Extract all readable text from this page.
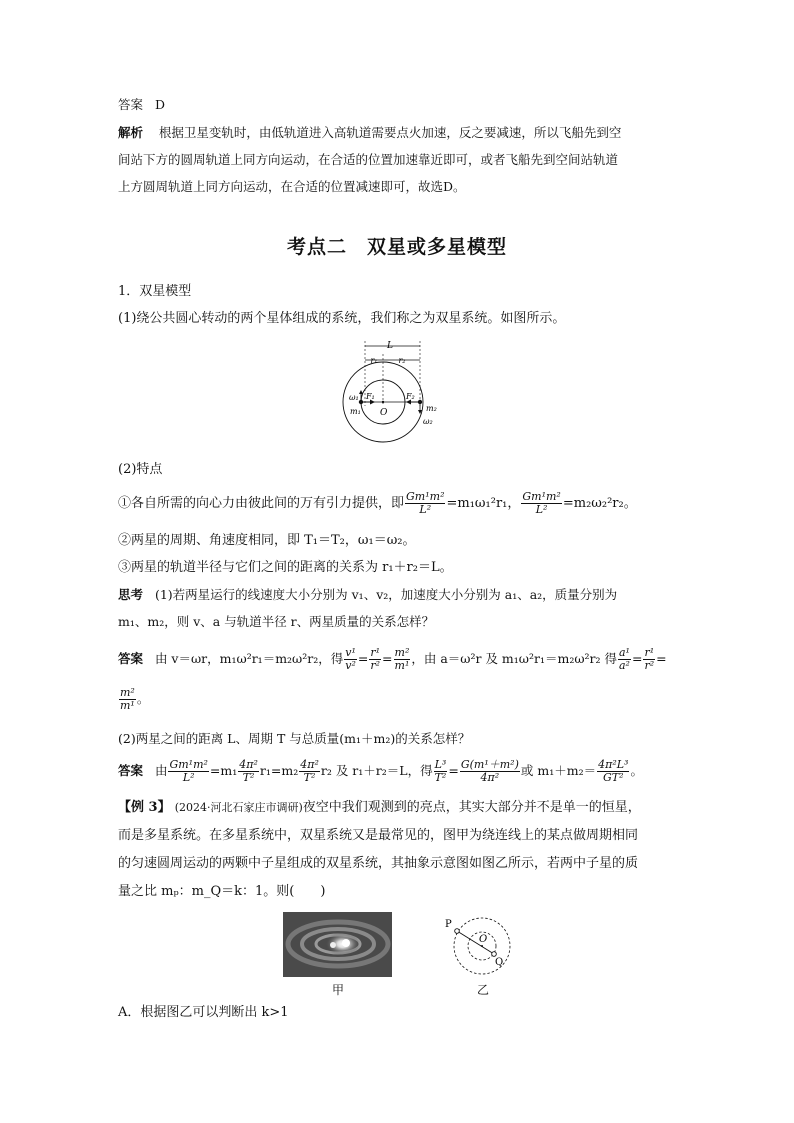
答案 D
解析 根据卫星变轨时，由低轨道进入高轨道需要点火加速，反之要减速，所以飞船先到空
间站下方的圆周轨道上同方向运动，在合适的位置加速靠近即可，或者飞船先到空间站轨道
上方圆周轨道上同方向运动，在合适的位置减速即可，故选D。
考点二　双星或多星模型
1．双星模型
(1)绕公共圆心转动的两个星体组成的系统，我们称之为双星系统。如图所示。
L
r₁	r₂
ω₁ F₁	F₂
O
m₁	m₂
ω₂
(2)特点
①各自所需的向心力由彼此间的万有引力提供，即 $\frac{\text{Gm¹m²}}{\text{L²}} =m_1\omega_1^2r_1$， $\frac{\text{Gm¹m²}}{\text{L²}} =m_2\omega_2^2r_2$。
②两星的周期、角速度相同，即 T₁＝T₂，ω₁＝ω₂。
③两星的轨道半径与它们之间的距离的关系为 r₁＋r₂＝L。
思考 (1)若两星运行的线速度大小分别为 v₁、v₂，加速度大小分别为 a₁、a₂，质量分别为
m₁、m₂，则 v、a 与轨道半径 r、两星质量的关系怎样？
答案 由 v＝ωr，m₁ω²r₁＝m₂ω²r₂，得 $\frac{\text{v¹}}{\text{v²}} = \frac{\text{r¹}}{\text{r²}} = \frac{\text{m²}}{\text{m¹}}$ ，由 a＝ω²r 及 m₁ω²r₁＝m₂ω²r₂ 得 $\frac{\text{a¹}}{\text{a²}} = \frac{\text{r¹}}{\text{r²}}$ =
$\frac{\text{m²}}{\text{m¹}}$ 。
(2)两星之间的距离 L、周期 T 与总质量(m₁＋m₂)的关系怎样？
答案 由 $\frac{\text{Gm¹m²}}{\text{L²}} =m_1 \frac{\text{4π²}}{\text{T²}} r_1=m_2 \frac{\text{4π²}}{\text{T²}} r_2$ 及 r₁＋r₂＝L，得 $\frac{\text{L³}}{\text{T²}} = \frac{\text{G(m¹＋m²)}}{\text{4π²}}$ 或 $m_1+m_2= \frac{\text{4π²L³}}{\text{GT²}}$ 。
【例 3】 (2024·河北石家庄市调研)夜空中我们观测到的亮点，其实大部分并不是单一的恒星，
而是多星系统。在多星系统中，双星系统又是最常见的，图甲为绕连线上的某点做周期相同
的匀速圆周运动的两颗中子星组成的双星系统，其抽象示意图如图乙所示，若两中子星的质
量之比 mₚ：m_Q＝k：1。则(　　)
甲
P
O
Q
乙
A．根据图乙可以判断出 k>1
